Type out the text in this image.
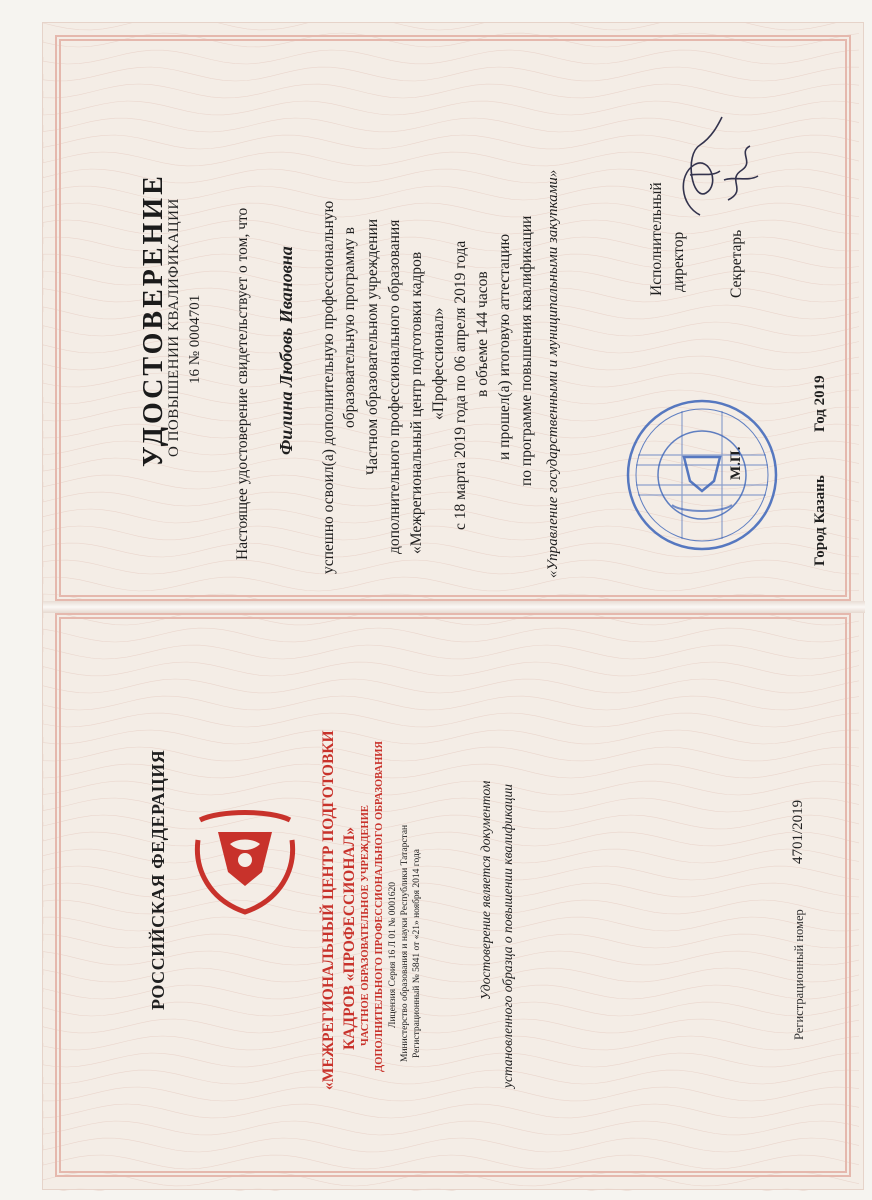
УДОСТОВЕРЕНИЕ
О ПОВЫШЕНИИ КВАЛИФИКАЦИИ 16 № 0004701 Настоящее удостоверение свидетельствует о том, что Филина Любовь Ивановна успешно освоил(а) дополнительную профессиональную образовательную программу в Частном образовательном учреждении дополнительного профессионального образования «Межрегиональный центр подготовки кадров «Профессионал» с 18 марта 2019 года по 06 апреля 2019 года в объеме 144 часов и прошел(а) итоговую аттестацию по программе повышения квалификации «Управление государственными и муниципальными закупками»	Исполнительный директор	Секретарь
М.П.
Город Казань
Год 2019
РОССИЙСКАЯ ФЕДЕРАЦИЯ	«МЕЖРЕГИОНАЛЬНЫЙ ЦЕНТР ПОДГОТОВКИ КАДРОВ «ПРОФЕССИОНАЛ» ЧАСТНОЕ ОБРАЗОВАТЕЛЬНОЕ УЧРЕЖДЕНИЕ ДОПОЛНИТЕЛЬНОГО ПРОФЕССИОНАЛЬНОГО ОБРАЗОВАНИЯ Лицензия Серия 16 Л 01 № 0001620 Министерство образования и науки Республики Татарстан Регистрационный № 5841 от «21» ноября 2014 года	Удостоверение является документом установленного образца о повышении квалификации	Регистрационный номер
4701/2019
